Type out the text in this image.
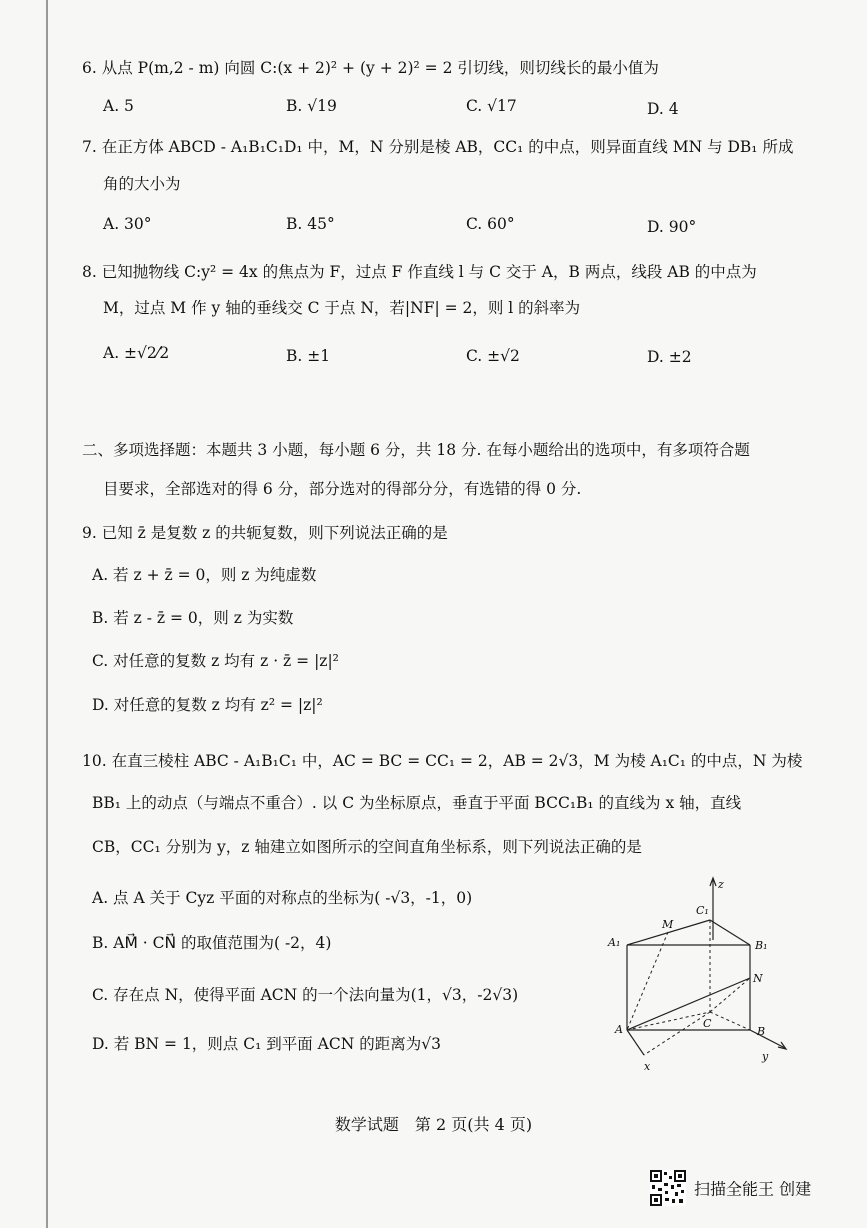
6. 从点 P(m,2 - m) 向圆 C:(x + 2)² + (y + 2)² = 2 引切线，则切线长的最小值为
7. 在正方体 ABCD - A₁B₁C₁D₁ 中，M，N 分别是棱 AB，CC₁ 的中点，则异面直线 MN 与 DB₁ 所成
角的大小为
8. 已知抛物线 C:y² = 4x 的焦点为 F，过点 F 作直线 l 与 C 交于 A，B 两点，线段 AB 的中点为
M，过点 M 作 y 轴的垂线交 C 于点 N，若|NF| = 2，则 l 的斜率为
二、多项选择题：本题共 3 小题，每小题 6 分，共 18 分. 在每小题给出的选项中，有多项符合题
目要求，全部选对的得 6 分，部分选对的得部分分，有选错的得 0 分.
9. 已知 z̄ 是复数 z 的共轭复数，则下列说法正确的是
10. 在直三棱柱 ABC - A₁B₁C₁ 中，AC = BC = CC₁ = 2，AB = 2√3，M 为棱 A₁C₁ 的中点，N 为棱
BB₁ 上的动点（与端点不重合）. 以 C 为坐标原点，垂直于平面 BCC₁B₁ 的直线为 x 轴，直线
CB，CC₁ 分别为 y，z 轴建立如图所示的空间直角坐标系，则下列说法正确的是
A. 5	B. √19	C. √17	D. 4
A. 30°	B. 45°	C. 60°	D. 90°
A. ±√2⁄2	B. ±1	C. ±√2	D. ±2
A. 若 z + z̄ = 0，则 z 为纯虚数
B. 若 z - z̄ = 0，则 z 为实数
C. 对任意的复数 z 均有 z · z̄ = |z|²
D. 对任意的复数 z 均有 z² = |z|²
A. 点 A 关于 Cyz 平面的对称点的坐标为( -√3，-1，0)
B. AM⃗ · CN⃗ 的取值范围为( -2，4)
C. 存在点 N，使得平面 ACN 的一个法向量为(1，√3，-2√3)
D. 若 BN = 1，则点 C₁ 到平面 ACN 的距离为√3
z
C₁
M
A₁	B₁
N
C
A	B
x
y
数学试题　第 2 页(共 4 页)
扫描全能王 创建
